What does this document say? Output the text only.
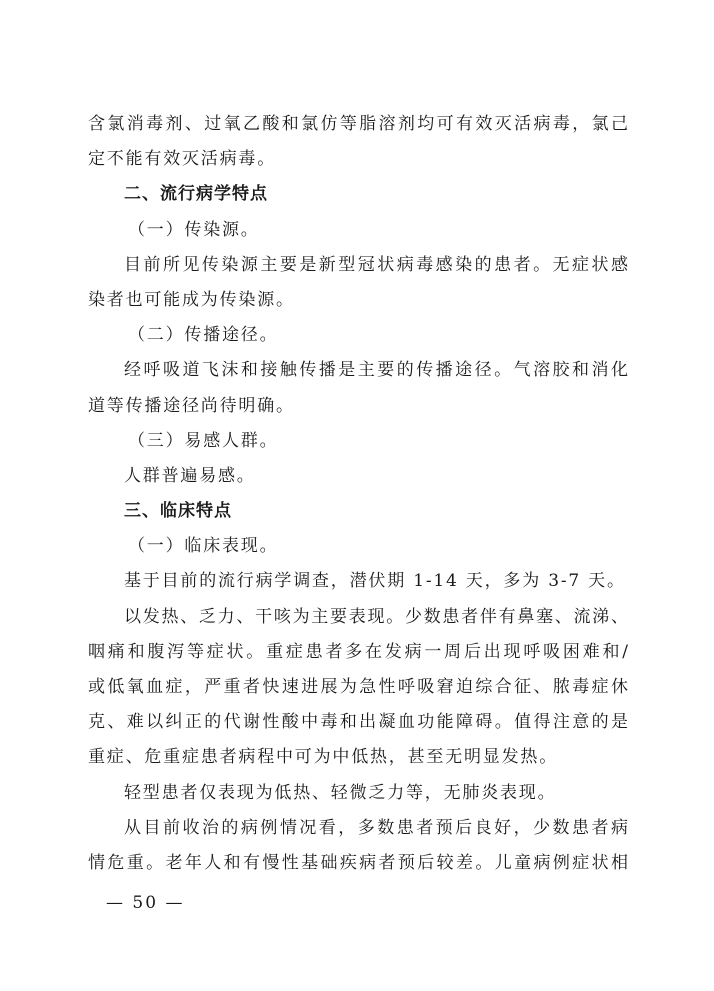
含氯消毒剂、过氧乙酸和氯仿等脂溶剂均可有效灭活病毒，氯己
定不能有效灭活病毒。
二、流行病学特点
（一）传染源。
目前所见传染源主要是新型冠状病毒感染的患者。无症状感
染者也可能成为传染源。
（二）传播途径。
经呼吸道飞沫和接触传播是主要的传播途径。气溶胶和消化
道等传播途径尚待明确。
（三）易感人群。
人群普遍易感。
三、临床特点
（一）临床表现。
基于目前的流行病学调查，潜伏期 1-14 天，多为 3-7 天。
以发热、乏力、干咳为主要表现。少数患者伴有鼻塞、流涕、
咽痛和腹泻等症状。重症患者多在发病一周后出现呼吸困难和/
或低氧血症，严重者快速进展为急性呼吸窘迫综合征、脓毒症休
克、难以纠正的代谢性酸中毒和出凝血功能障碍。值得注意的是
重症、危重症患者病程中可为中低热，甚至无明显发热。
轻型患者仅表现为低热、轻微乏力等，无肺炎表现。
从目前收治的病例情况看，多数患者预后良好，少数患者病
情危重。老年人和有慢性基础疾病者预后较差。儿童病例症状相
— 50 —
